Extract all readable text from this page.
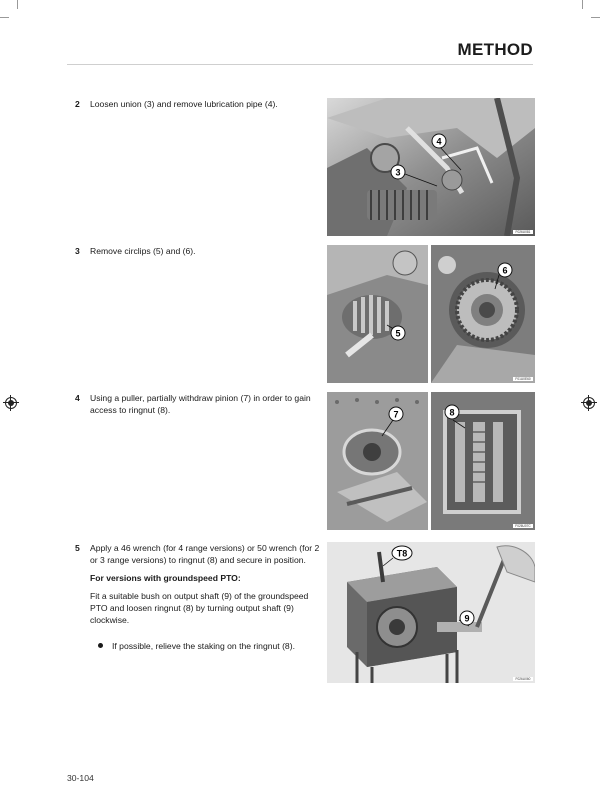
METHOD
2 Loosen union (3) and remove lubrication pipe (4).
3 Remove circlips (5) and (6).
4 Using a puller, partially withdraw pinion (7) in order to gain access to ringnut (8).
5 Apply a 46 wrench (for 4 range versions) or 50 wrench (for 2 or 3 range versions) to ringnut (8) and secure in position.
For versions with groundspeed PTO:
Fit a suitable bush on output shaft (9) of the groundspeed PTO and loosen ringnut (8) by turning output shaft (9) clockwise.
If possible, relieve the staking on the ringnut (8).
4
3
F026U081
5
6
F01U0E60
7	8
F026U07C
T8
9
F026U060
30-104
